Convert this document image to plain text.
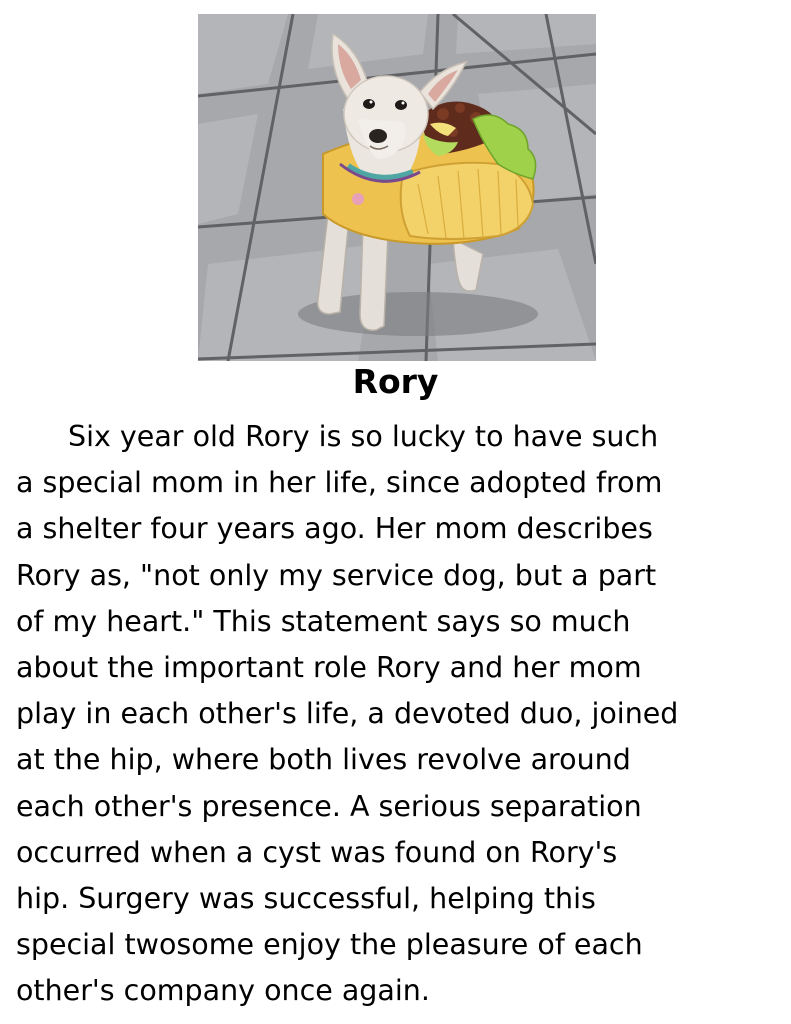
Rory
Six year old Rory is so lucky to have such
a special mom in her life, since adopted from
a shelter four years ago. Her mom describes
Rory as, "not only my service dog, but a part
of my heart." This statement says so much
about the important role Rory and her mom
play in each other's life, a devoted duo, joined
at the hip, where both lives revolve around
each other's presence. A serious separation
occurred when a cyst was found on Rory's
hip. Surgery was successful, helping this
special twosome enjoy the pleasure of each
other's company once again.
